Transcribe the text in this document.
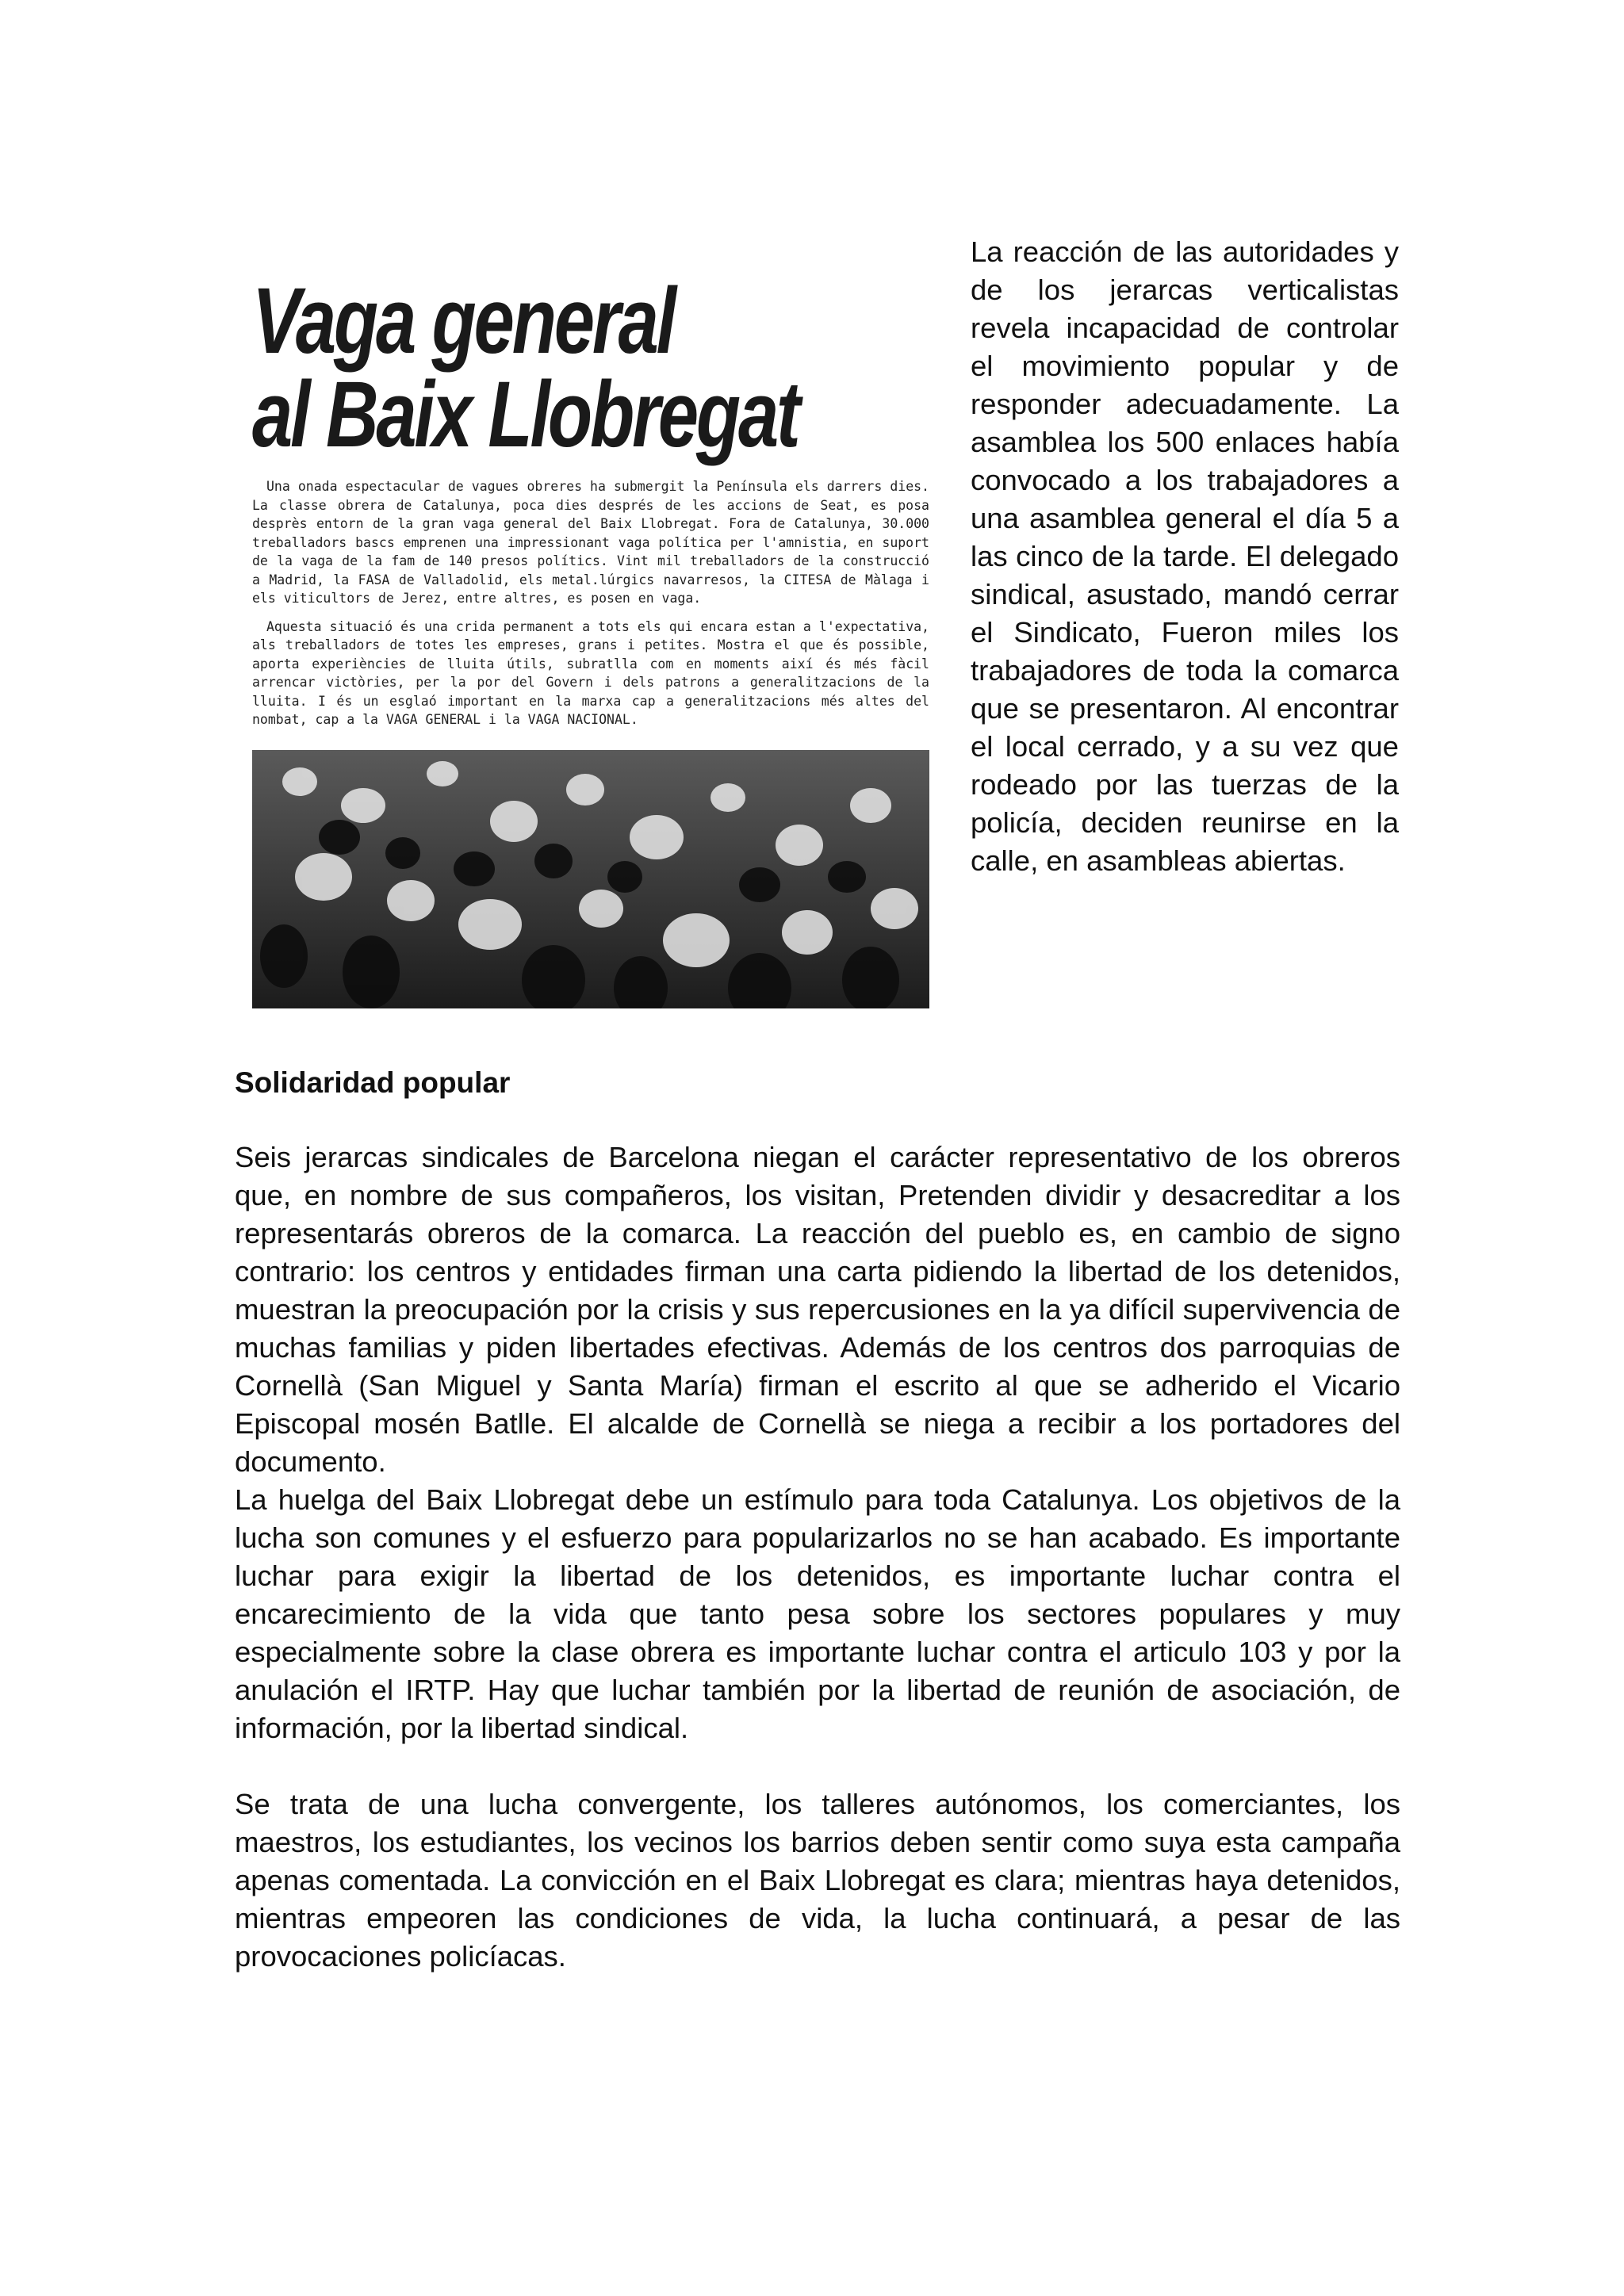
Vaga general
al Baix Llobregat

Una onada espectacular de vagues obreres ha submergit la Península els darrers dies. La classe obrera de Catalunya, poca dies després de les accions de Seat, es posa desprès entorn de la gran vaga general del Baix Llobregat. Fora de Catalunya, 30.000 treballadors bascs emprenen una impressionant vaga política per l'amnistia, en suport de la vaga de la fam de 140 presos polítics. Vint mil treballadors de la construcció a Madrid, la FASA de Valladolid, els metal.lúrgics navarresos, la CITESA de Màlaga i els viticultors de Jerez, entre altres, es posen en vaga.

Aquesta situació és una crida permanent a tots els qui encara estan a l'expectativa, als treballadors de totes les empreses, grans i petites. Mostra el que és possible, aporta experiències de lluita útils, subratlla com en moments així és més fàcil arrencar victòries, per la por del Govern i dels patrons a generalitzacions de la lluita. I és un esglaó important en la marxa cap a generalitzacions més altes del nombat, cap a la VAGA GENERAL i la VAGA NACIONAL.

La reacción de las autoridades y de los jerarcas verticalistas revela incapacidad de controlar el movimiento popular y de responder adecuadamente. La asamblea los 500 enlaces había convocado a los trabajadores a una asamblea general el día 5 a las cinco de la tarde. El delegado sindical, asustado, mandó cerrar el Sindicato, Fueron miles los trabajadores de toda la comarca que se presentaron. Al encontrar el local cerrado, y a su vez que rodeado por las tuerzas de la policía, deciden reunirse en la calle, en asambleas abiertas.
Solidaridad popular

Seis jerarcas sindicales de Barcelona niegan el carácter representativo de los obreros que, en nombre de sus compañeros, los visitan, Pretenden dividir y desacreditar a los representarás obreros de la comarca. La reacción del pueblo es, en cambio de signo contrario: los centros y entidades firman una carta pidiendo la libertad de los detenidos, muestran la preocupación por la crisis y sus repercusiones en la ya difícil supervivencia de muchas familias y piden libertades efectivas. Además de los centros dos parroquias de Cornellà (San Miguel y Santa María) firman el escrito al que se adherido el Vicario Episcopal mosén Batlle. El alcalde de Cornellà se niega a recibir a los portadores del documento.

La huelga del Baix Llobregat debe un estímulo para toda Catalunya. Los objetivos de la lucha son comunes y el esfuerzo para popularizarlos no se han acabado. Es importante luchar para exigir la libertad de los detenidos, es importante luchar contra el encarecimiento de la vida que tanto pesa sobre los sectores populares y muy especialmente sobre la clase obrera es importante luchar contra el articulo 103 y por la anulación el IRTP. Hay que luchar también por la libertad de reunión de asociación, de información, por la libertad sindical.

Se trata de una lucha convergente, los talleres autónomos, los comerciantes, los maestros, los estudiantes, los vecinos los barrios deben sentir como suya esta campaña apenas comentada. La convicción en el Baix Llobregat es clara; mientras haya detenidos, mientras empeoren las condiciones de vida, la lucha continuará, a pesar de las provocaciones policíacas.
